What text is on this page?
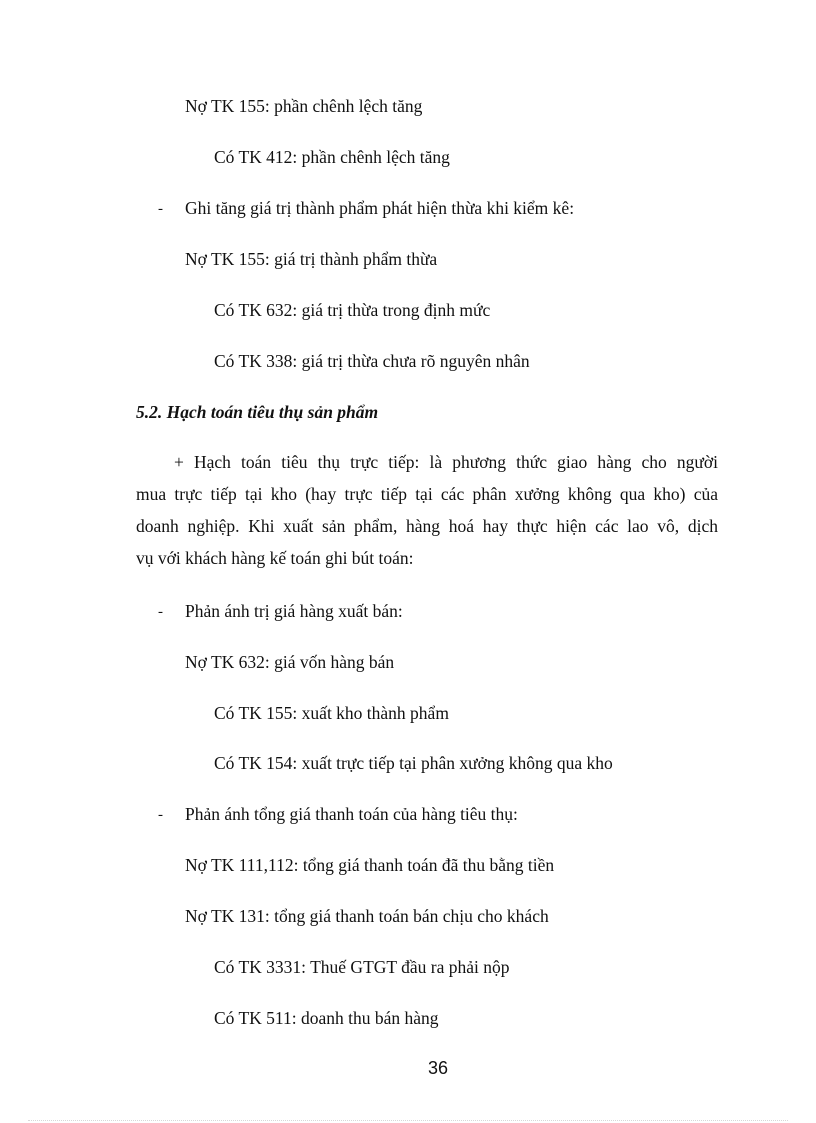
Nợ TK 155: phần chênh lệch tăng
Có TK 412: phần chênh lệch tăng
- Ghi tăng giá trị thành phẩm phát hiện thừa khi kiểm kê:
Nợ TK 155: giá trị thành phẩm thừa
Có TK 632: giá trị thừa trong định mức
Có TK 338: giá trị thừa chưa rõ nguyên nhân
5.2. Hạch toán tiêu thụ sản phẩm
+ Hạch toán tiêu thụ trực tiếp: là phương thức giao hàng cho người
mua trực tiếp tại kho (hay trực tiếp tại các phân xưởng không qua kho) của
doanh nghiệp. Khi xuất sản phẩm, hàng hoá hay thực hiện các lao vô, dịch
vụ với khách hàng kế toán ghi bút toán:
- Phản ánh trị giá hàng xuất bán:
Nợ TK 632: giá vốn hàng bán
Có TK 155: xuất kho thành phẩm
Có TK 154: xuất trực tiếp tại phân xưởng không qua kho
- Phản ánh tổng giá thanh toán của hàng tiêu thụ:
Nợ TK 111,112: tổng giá thanh toán đã thu bằng tiền
Nợ TK 131: tổng giá thanh toán bán chịu cho khách
Có TK 3331: Thuế GTGT đầu ra phải nộp
Có TK 511: doanh thu bán hàng
36
